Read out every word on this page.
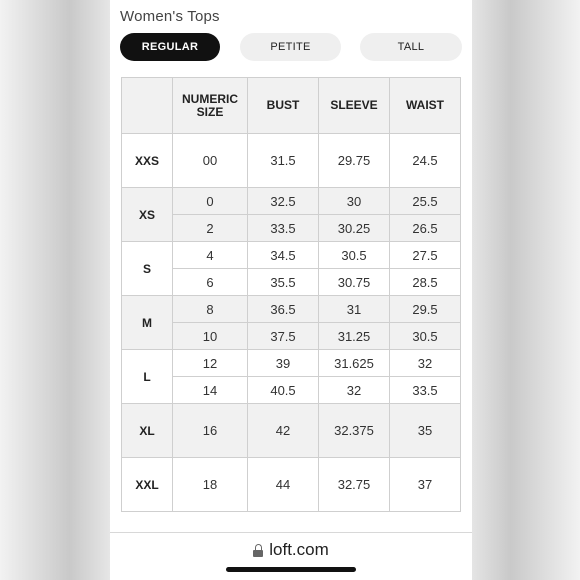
Women's Tops
REGULAR	PETITE	TALL
	NUMERIC SIZE	BUST	SLEEVE	WAIST
XXS	00	31.5	29.75	24.5
XS	0	32.5	30	25.5
	2	33.5	30.25	26.5
S	4	34.5	30.5	27.5
	6	35.5	30.75	28.5
M	8	36.5	31	29.5
	10	37.5	31.25	30.5
L	12	39	31.625	32
	14	40.5	32	33.5
XL	16	42	32.375	35
XXL	18	44	32.75	37
loft.com
